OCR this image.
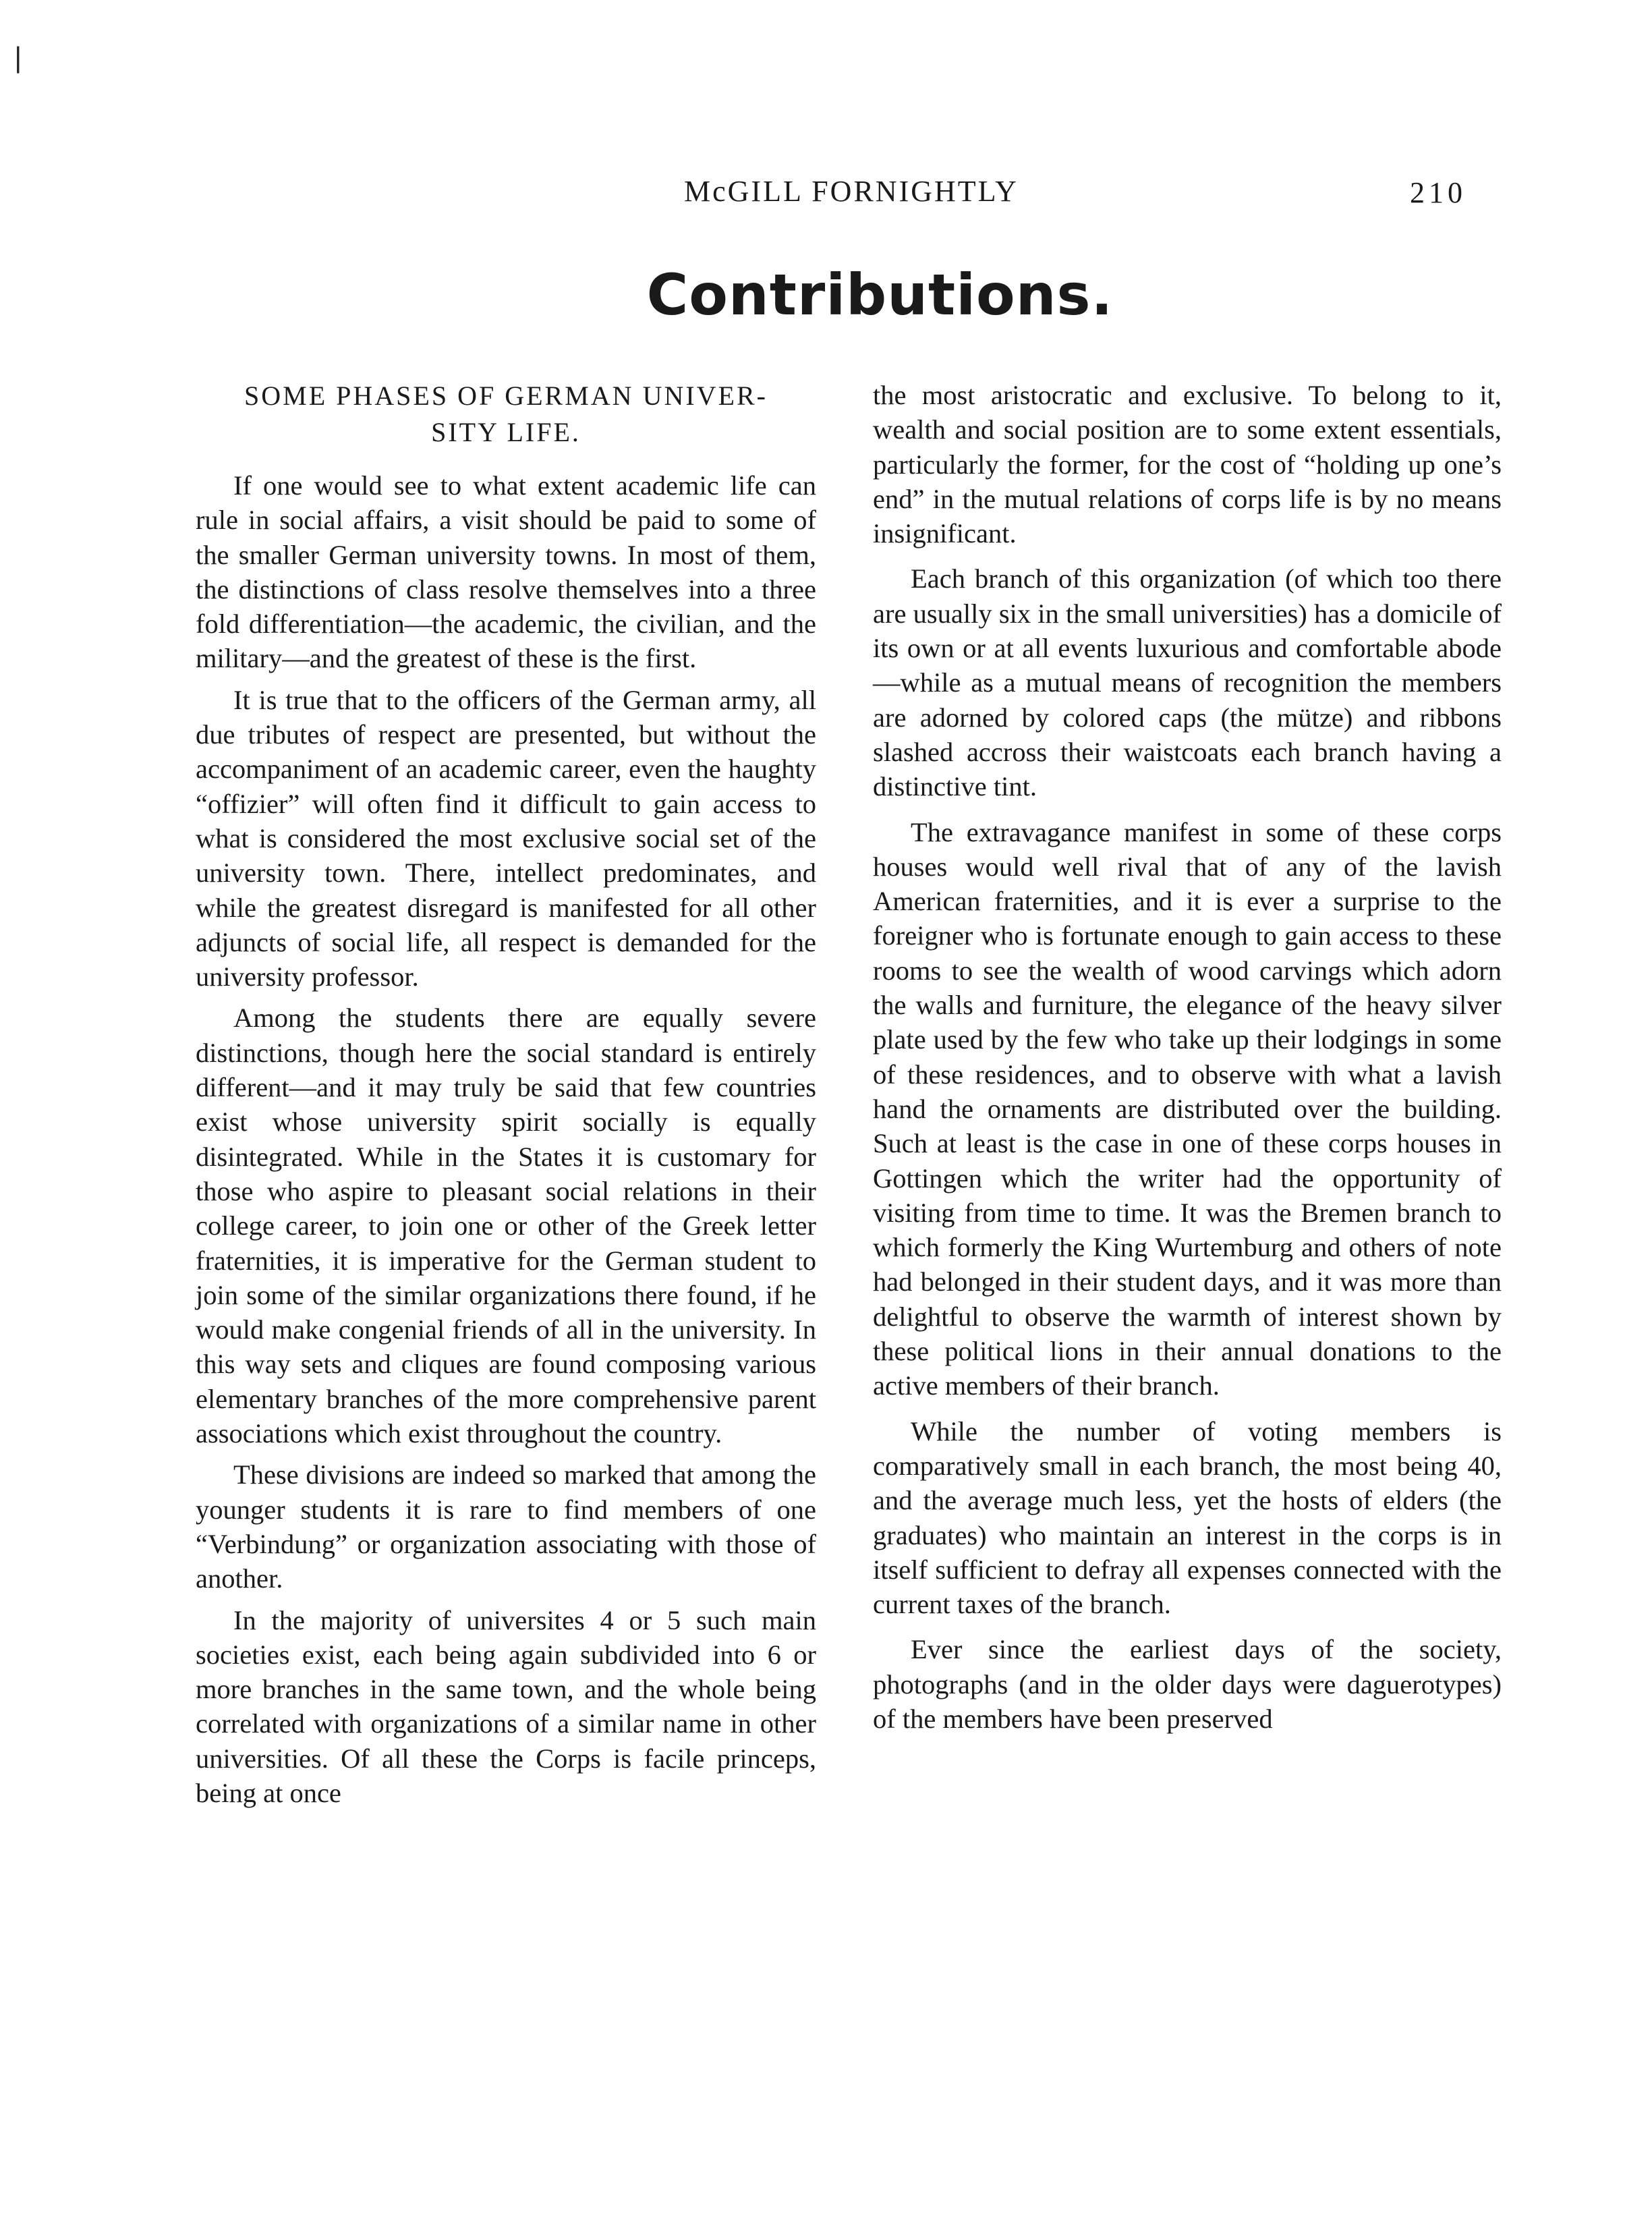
❘
McGILL FORNIGHTLY	210
Contributions.
SOME PHASES OF GERMAN UNIVER-
SITY LIFE.

If one would see to what extent academic life can rule in social affairs, a visit should be paid to some of the smaller German university towns. In most of them, the distinctions of class resolve themselves into a three fold differentiation—the academic, the civilian, and the military—and the greatest of these is the first.

It is true that to the officers of the German army, all due tributes of respect are presented, but without the accompaniment of an academic career, even the haughty “offizier” will often find it difficult to gain access to what is considered the most exclusive social set of the university town. There, intellect predominates, and while the greatest disregard is manifested for all other adjuncts of social life, all respect is demanded for the university professor.

Among the students there are equally severe distinctions, though here the social standard is entirely different—and it may truly be said that few countries exist whose university spirit socially is equally disintegrated. While in the States it is customary for those who aspire to pleasant social relations in their college career, to join one or other of the Greek letter fraternities, it is imperative for the German student to join some of the similar organizations there found, if he would make congenial friends of all in the university. In this way sets and cliques are found composing various elementary branches of the more comprehensive parent associations which exist throughout the country.

These divisions are indeed so marked that among the younger students it is rare to find members of one “Verbindung” or organization associating with those of another.

In the majority of universites 4 or 5 such main societies exist, each being again subdivided into 6 or more branches in the same town, and the whole being correlated with organizations of a similar name in other universities. Of all these the Corps is facile princeps, being at once

the most aristocratic and exclusive. To belong to it, wealth and social position are to some extent essentials, particularly the former, for the cost of “holding up one’s end” in the mutual relations of corps life is by no means insignificant.

Each branch of this organization (of which too there are usually six in the small universities) has a domicile of its own or at all events luxurious and comfortable abode—while as a mutual means of recognition the members are adorned by colored caps (the mütze) and ribbons slashed accross their waistcoats each branch having a distinctive tint.

The extravagance manifest in some of these corps houses would well rival that of any of the lavish American fraternities, and it is ever a surprise to the foreigner who is fortunate enough to gain access to these rooms to see the wealth of wood carvings which adorn the walls and furniture, the elegance of the heavy silver plate used by the few who take up their lodgings in some of these residences, and to observe with what a lavish hand the ornaments are distributed over the building. Such at least is the case in one of these corps houses in Gottingen which the writer had the opportunity of visiting from time to time. It was the Bremen branch to which formerly the King Wurtemburg and others of note had belonged in their student days, and it was more than delightful to observe the warmth of interest shown by these political lions in their annual donations to the active members of their branch.

While the number of voting members is comparatively small in each branch, the most being 40, and the average much less, yet the hosts of elders (the graduates) who maintain an interest in the corps is in itself sufficient to defray all expenses connected with the current taxes of the branch.

Ever since the earliest days of the society, photographs (and in the older days were daguerotypes) of the members have been preserved
